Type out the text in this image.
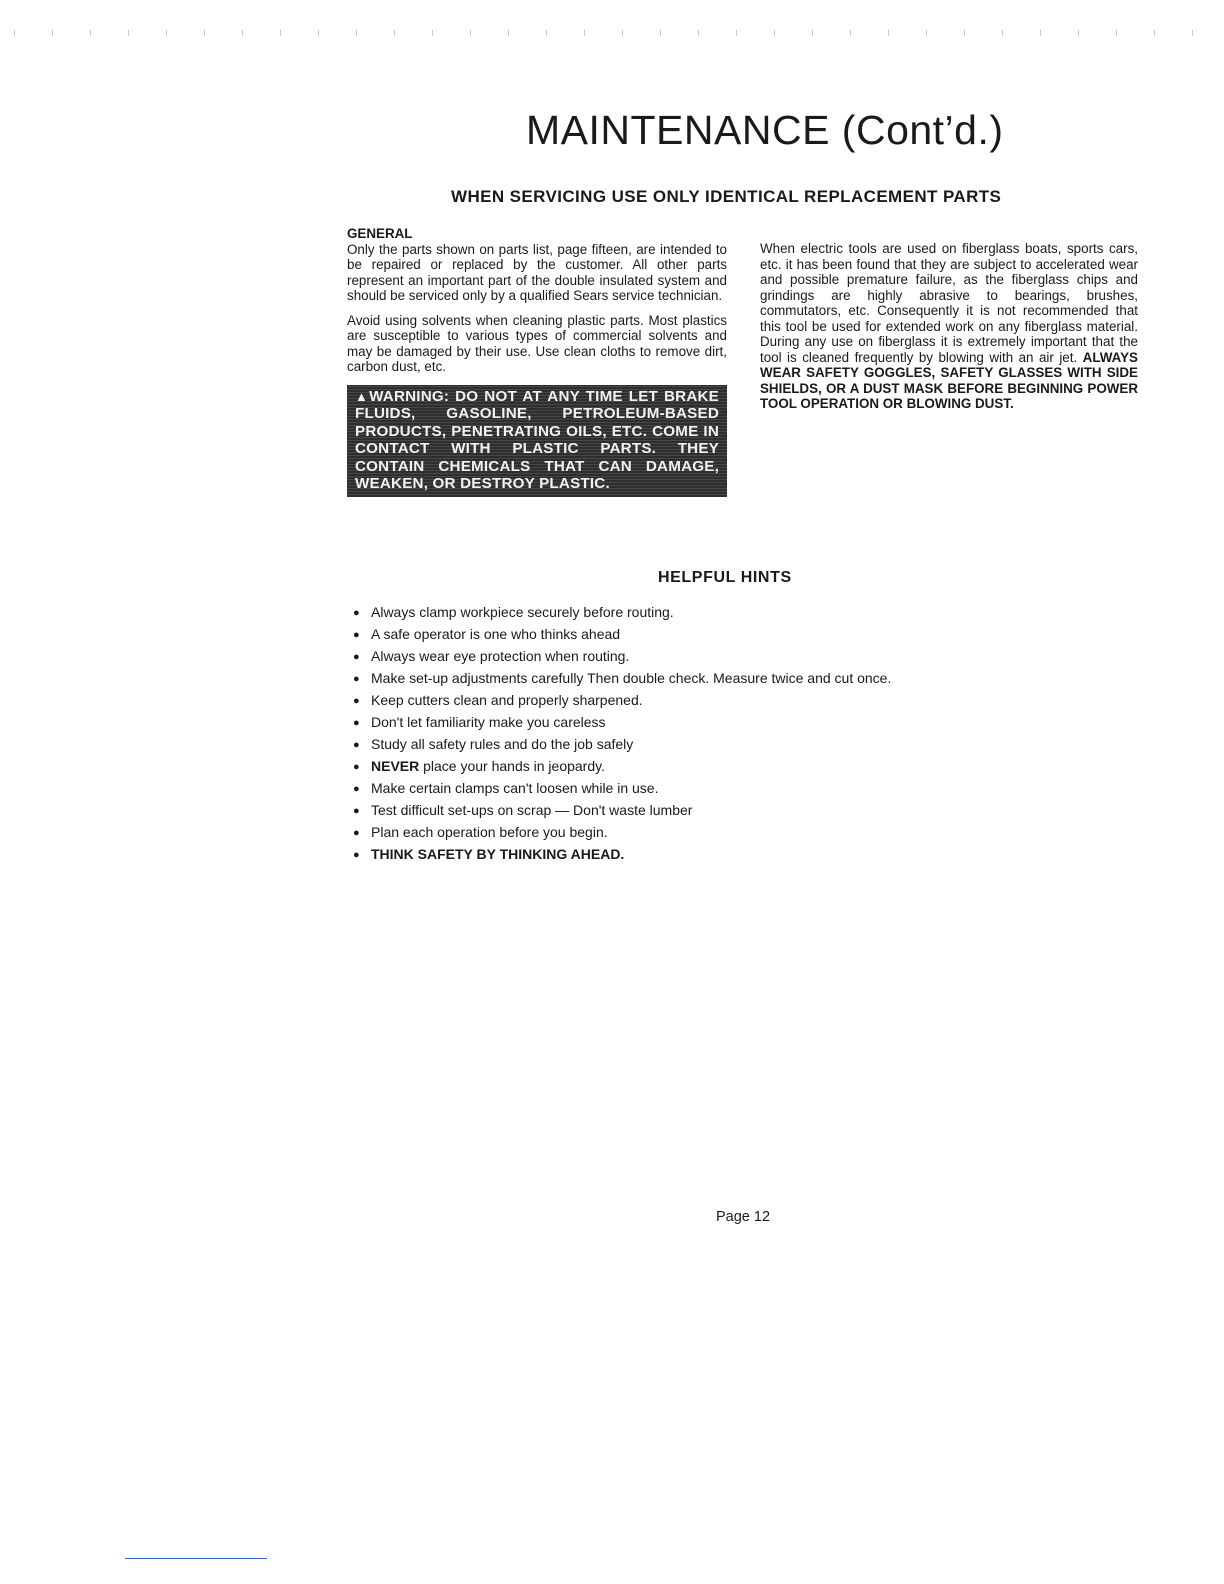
MAINTENANCE (Cont’d.)
WHEN SERVICING USE ONLY IDENTICAL REPLACEMENT PARTS

GENERAL

Only the parts shown on parts list, page fifteen, are intended to be repaired or replaced by the customer. All other parts represent an important part of the double insulated system and should be serviced only by a qualified Sears service technician.

Avoid using solvents when cleaning plastic parts. Most plastics are susceptible to various types of commercial solvents and may be damaged by their use. Use clean cloths to remove dirt, carbon dust, etc.

▲WARNING: DO NOT AT ANY TIME LET BRAKE FLUIDS, GASOLINE, PETROLEUM-BASED PRODUCTS, PENETRATING OILS, ETC. COME IN CONTACT WITH PLASTIC PARTS. THEY CONTAIN CHEMICALS THAT CAN DAMAGE, WEAKEN, OR DESTROY PLASTIC.

When electric tools are used on fiberglass boats, sports cars, etc. it has been found that they are subject to accelerated wear and possible premature failure, as the fiberglass chips and grindings are highly abrasive to bearings, brushes, commutators, etc. Consequently it is not recommended that this tool be used for extended work on any fiberglass material. During any use on fiberglass it is extremely important that the tool is cleaned frequently by blowing with an air jet. ALWAYS WEAR SAFETY GOGGLES, SAFETY GLASSES WITH SIDE SHIELDS, OR A DUST MASK BEFORE BEGINNING POWER TOOL OPERATION OR BLOWING DUST.

HELPFUL HINTS
● Always clamp workpiece securely before routing.
● A safe operator is one who thinks ahead
● Always wear eye protection when routing.
● Make set-up adjustments carefully Then double check. Measure twice and cut once.
● Keep cutters clean and properly sharpened.
● Don't let familiarity make you careless
● Study all safety rules and do the job safely
● NEVER place your hands in jeopardy.
● Make certain clamps can't loosen while in use.
● Test difficult set-ups on scrap — Don't waste lumber
● Plan each operation before you begin.
● THINK SAFETY BY THINKING AHEAD.

Page 12
